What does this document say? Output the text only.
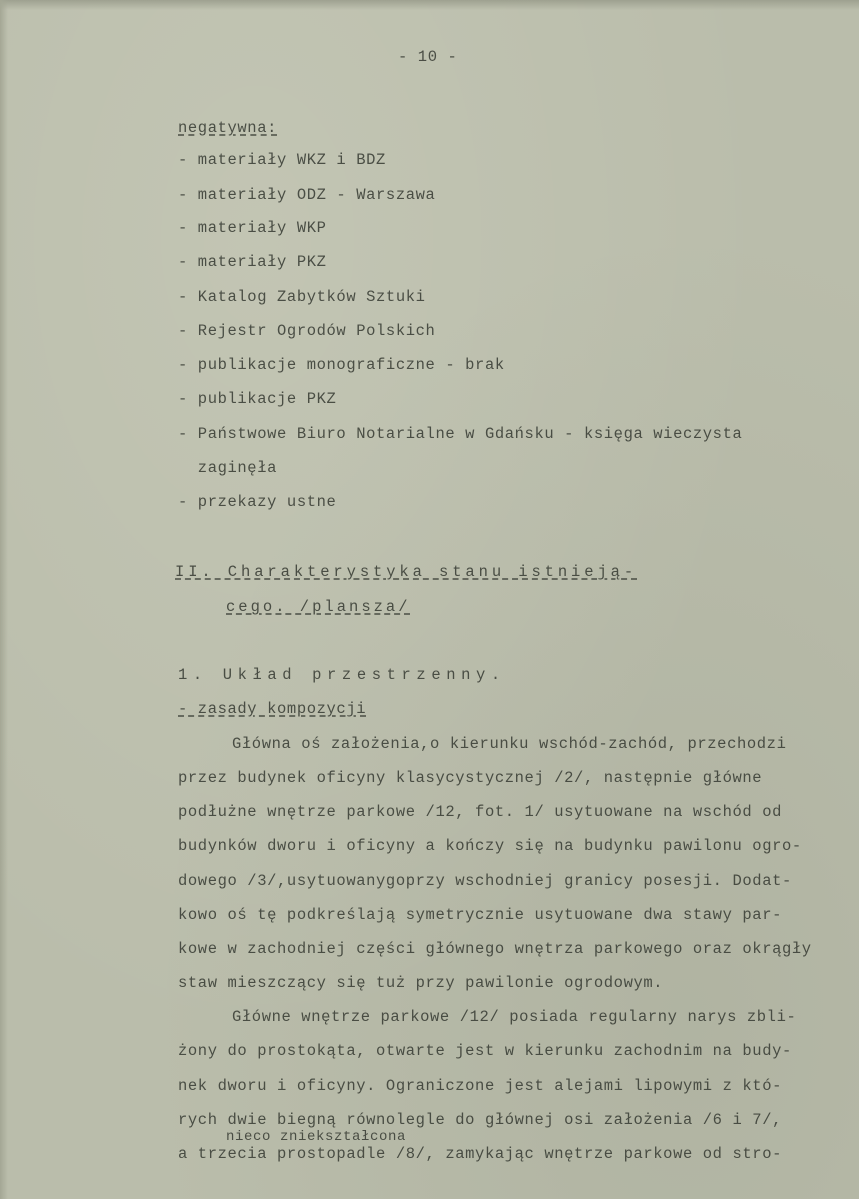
- 10 -
negatywna:
- materiały WKZ i BDZ
- materiały ODZ - Warszawa
- materiały WKP
- materiały PKZ
- Katalog Zabytków Sztuki
- Rejestr Ogrodów Polskich
- publikacje monograficzne - brak
- publikacje PKZ
- Państwowe Biuro Notarialne w Gdańsku - księga wieczysta
zaginęła
- przekazy ustne
II. Charakterystyka stanu istnieją-
cego. /plansza/
1. Układ przestrzenny.
- zasady kompozycji
Główna oś założenia,o kierunku wschód-zachód, przechodzi
przez budynek oficyny klasycystycznej /2/, następnie główne
podłużne wnętrze parkowe /12, fot. 1/ usytuowane na wschód od
budynków dworu i oficyny a kończy się na budynku pawilonu ogro-
dowego /3/,usytuowanygoprzy wschodniej granicy posesji. Dodat-
kowo oś tę podkreślają symetrycznie usytuowane dwa stawy par-
kowe w zachodniej części głównego wnętrza parkowego oraz okrągły
staw mieszczący się tuż przy pawilonie ogrodowym.
Główne wnętrze parkowe /12/ posiada regularny narys zbli-
żony do prostokąta, otwarte jest w kierunku zachodnim na budy-
nek dworu i oficyny. Ograniczone jest alejami lipowymi z któ-
rych dwie biegną równolegle do głównej osi założenia /6 i 7/,
nieco zniekształcona
a trzecia prostopadle /8/, zamykając wnętrze parkowe od stro-
